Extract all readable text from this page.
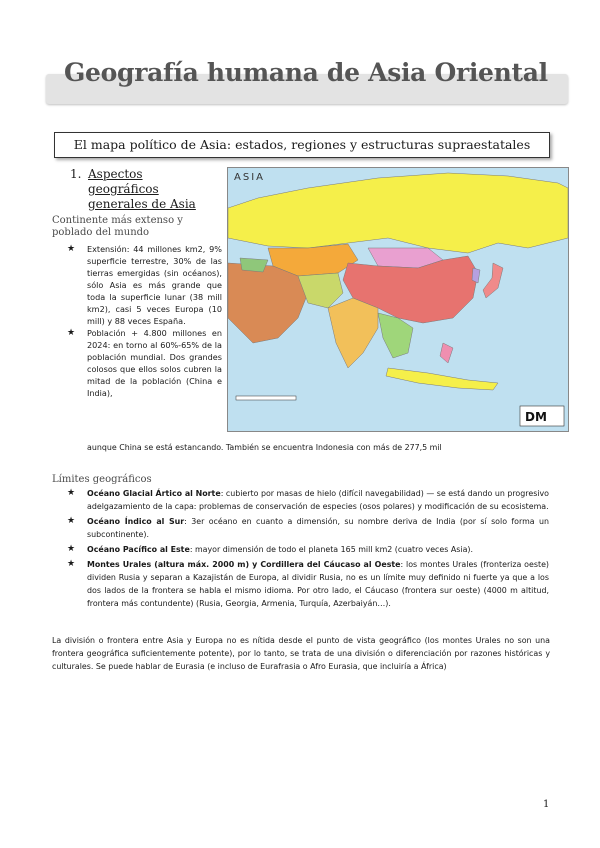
Geografía humana de Asia Oriental
El mapa político de Asia: estados, regiones y estructuras supraestatales
1. Aspectos geográficos generales de Asia
Continente más extenso y poblado del mundo
★ Extensión: 44 millones km2, 9% superficie terrestre, 30% de las tierras emergidas (sin océanos), sólo Asia es más grande que toda la superficie lunar (38 mill km2), casi 5 veces Europa (10 mill) y 88 veces España.
★ Población + 4.800 millones en 2024: en torno al 60%-65% de la población mundial. Dos grandes colosos que ellos solos cubren la mitad de la población (China e India),
aunque China se está estancando. También se encuentra Indonesia con más de 277,5 mil
ASIA
DM
Límites geográficos
★ Océano Glacial Ártico al Norte: cubierto por masas de hielo (difícil navegabilidad) — se está dando un progresivo adelgazamiento de la capa: problemas de conservación de especies (osos polares) y modificación de su ecosistema.
★ Océano Índico al Sur: 3er océano en cuanto a dimensión, su nombre deriva de India (por sí solo forma un subcontinente).
★ Océano Pacífico al Este: mayor dimensión de todo el planeta 165 mill km2 (cuatro veces Asia).
★ Montes Urales (altura máx. 2000 m) y Cordillera del Cáucaso al Oeste: los montes Urales (fronteriza oeste) dividen Rusia y separan a Kazajistán de Europa, al dividir Rusia, no es un límite muy definido ni fuerte ya que a los dos lados de la frontera se habla el mismo idioma. Por otro lado, el Cáucaso (frontera sur oeste) (4000 m altitud, frontera más contundente) (Rusia, Georgia, Armenia, Turquía, Azerbaiyán…).
La división o frontera entre Asia y Europa no es nítida desde el punto de vista geográfico (los montes Urales no son una frontera geográfica suficientemente potente), por lo tanto, se trata de una división o diferenciación por razones históricas y culturales. Se puede hablar de Eurasia (e incluso de Eurafrasia o Afro Eurasia, que incluiría a África)
1
